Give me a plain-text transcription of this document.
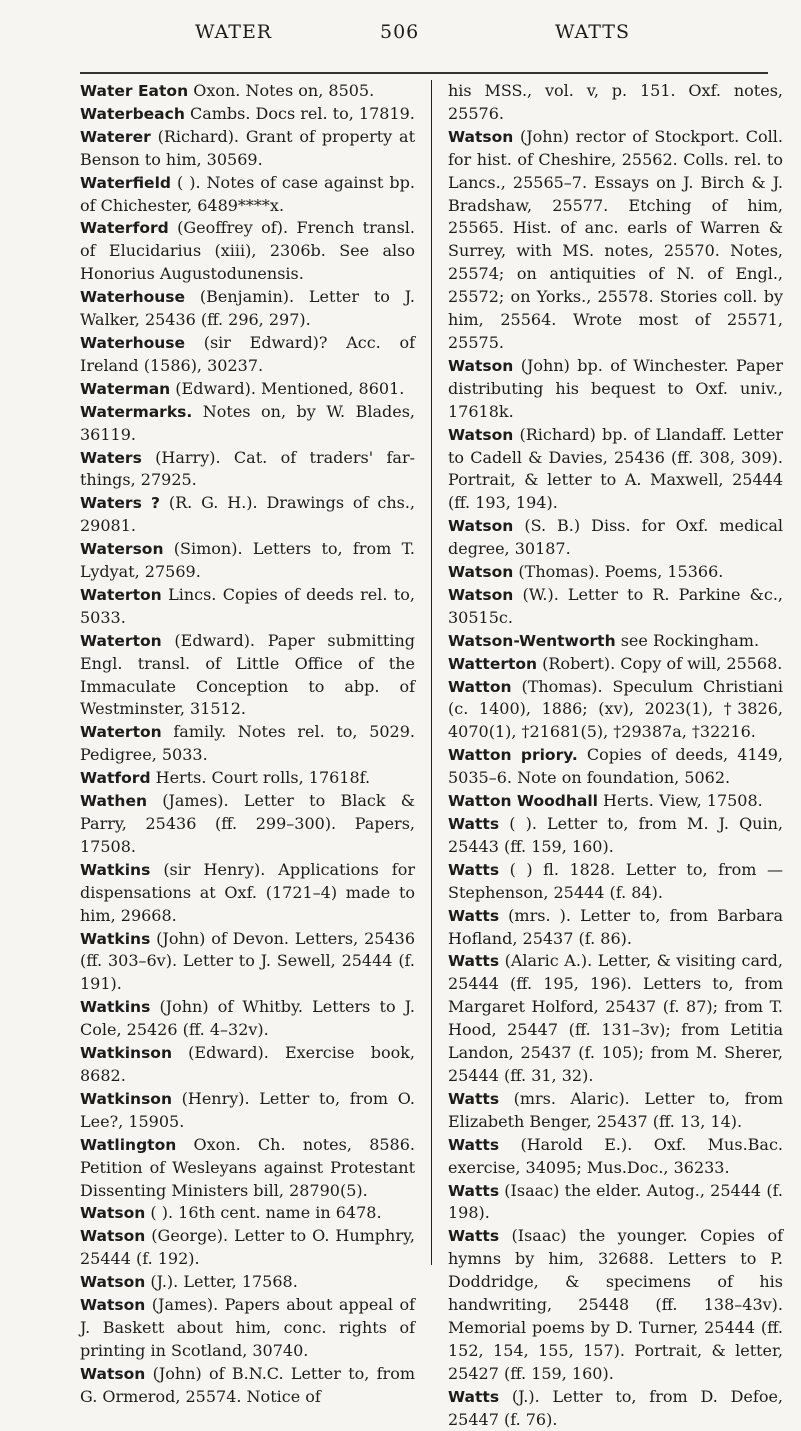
WATER	506	WATTS

Water Eaton Oxon. Notes on, 8505.

Waterbeach Cambs. Docs rel. to, 17819.

Waterer (Richard). Grant of property at Benson to him, 30569.

Waterfield ( ). Notes of case against bp. of Chichester, 6489****x.

Waterford (Geoffrey of). French transl. of Elucidarius (xiii), 2306b. See also Honorius Augustodunensis.

Waterhouse (Benjamin). Letter to J. Walker, 25436 (ff. 296, 297).

Waterhouse (sir Edward)? Acc. of Ireland (1586), 30237.

Waterman (Edward). Mentioned, 8601.

Watermarks. Notes on, by W. Blades, 36119.

Waters (Harry). Cat. of traders' far-things, 27925.

Waters ? (R. G. H.). Drawings of chs., 29081.

Waterson (Simon). Letters to, from T. Lydyat, 27569.

Waterton Lincs. Copies of deeds rel. to, 5033.

Waterton (Edward). Paper submitting Engl. transl. of Little Office of the Immaculate Conception to abp. of Westminster, 31512.

Waterton family. Notes rel. to, 5029. Pedigree, 5033.

Watford Herts. Court rolls, 17618f.

Wathen (James). Letter to Black & Parry, 25436 (ff. 299–300). Papers, 17508.

Watkins (sir Henry). Applications for dispensations at Oxf. (1721–4) made to him, 29668.

Watkins (John) of Devon. Letters, 25436 (ff. 303–6v). Letter to J. Sewell, 25444 (f. 191).

Watkins (John) of Whitby. Letters to J. Cole, 25426 (ff. 4–32v).

Watkinson (Edward). Exercise book, 8682.

Watkinson (Henry). Letter to, from O. Lee?, 15905.

Watlington Oxon. Ch. notes, 8586. Petition of Wesleyans against Protestant Dissenting Ministers bill, 28790(5).

Watson ( ). 16th cent. name in 6478.

Watson (George). Letter to O. Humphry, 25444 (f. 192).

Watson (J.). Letter, 17568.

Watson (James). Papers about appeal of J. Baskett about him, conc. rights of printing in Scotland, 30740.

Watson (John) of B.N.C. Letter to, from G. Ormerod, 25574. Notice of

his MSS., vol. v, p. 151. Oxf. notes, 25576.

Watson (John) rector of Stockport. Coll. for hist. of Cheshire, 25562. Colls. rel. to Lancs., 25565–7. Essays on J. Birch & J. Bradshaw, 25577. Etching of him, 25565. Hist. of anc. earls of Warren & Surrey, with MS. notes, 25570. Notes, 25574; on antiquities of N. of Engl., 25572; on Yorks., 25578. Stories coll. by him, 25564. Wrote most of 25571, 25575.

Watson (John) bp. of Winchester. Paper distributing his bequest to Oxf. univ., 17618k.

Watson (Richard) bp. of Llandaff. Letter to Cadell & Davies, 25436 (ff. 308, 309). Portrait, & letter to A. Maxwell, 25444 (ff. 193, 194).

Watson (S. B.) Diss. for Oxf. medical degree, 30187.

Watson (Thomas). Poems, 15366.

Watson (W.). Letter to R. Parkine &c., 30515c.

Watson-Wentworth see Rockingham.

Watterton (Robert). Copy of will, 25568.

Watton (Thomas). Speculum Christiani (c. 1400), 1886; (xv), 2023(1), †3826, 4070(1), †21681(5), †29387a, †32216.

Watton priory. Copies of deeds, 4149, 5035–6. Note on foundation, 5062.

Watton Woodhall Herts. View, 17508.

Watts ( ). Letter to, from M. J. Quin, 25443 (ff. 159, 160).

Watts ( ) fl. 1828. Letter to, from — Stephenson, 25444 (f. 84).

Watts (mrs. ). Letter to, from Barbara Hofland, 25437 (f. 86).

Watts (Alaric A.). Letter, & visiting card, 25444 (ff. 195, 196). Letters to, from Margaret Holford, 25437 (f. 87); from T. Hood, 25447 (ff. 131–3v); from Letitia Landon, 25437 (f. 105); from M. Sherer, 25444 (ff. 31, 32).

Watts (mrs. Alaric). Letter to, from Elizabeth Benger, 25437 (ff. 13, 14).

Watts (Harold E.). Oxf. Mus.Bac. exercise, 34095; Mus.Doc., 36233.

Watts (Isaac) the elder. Autog., 25444 (f. 198).

Watts (Isaac) the younger. Copies of hymns by him, 32688. Letters to P. Doddridge, & specimens of his handwriting, 25448 (ff. 138–43v). Memorial poems by D. Turner, 25444 (ff. 152, 154, 155, 157). Portrait, & letter, 25427 (ff. 159, 160).

Watts (J.). Letter to, from D. Defoe, 25447 (f. 76).
